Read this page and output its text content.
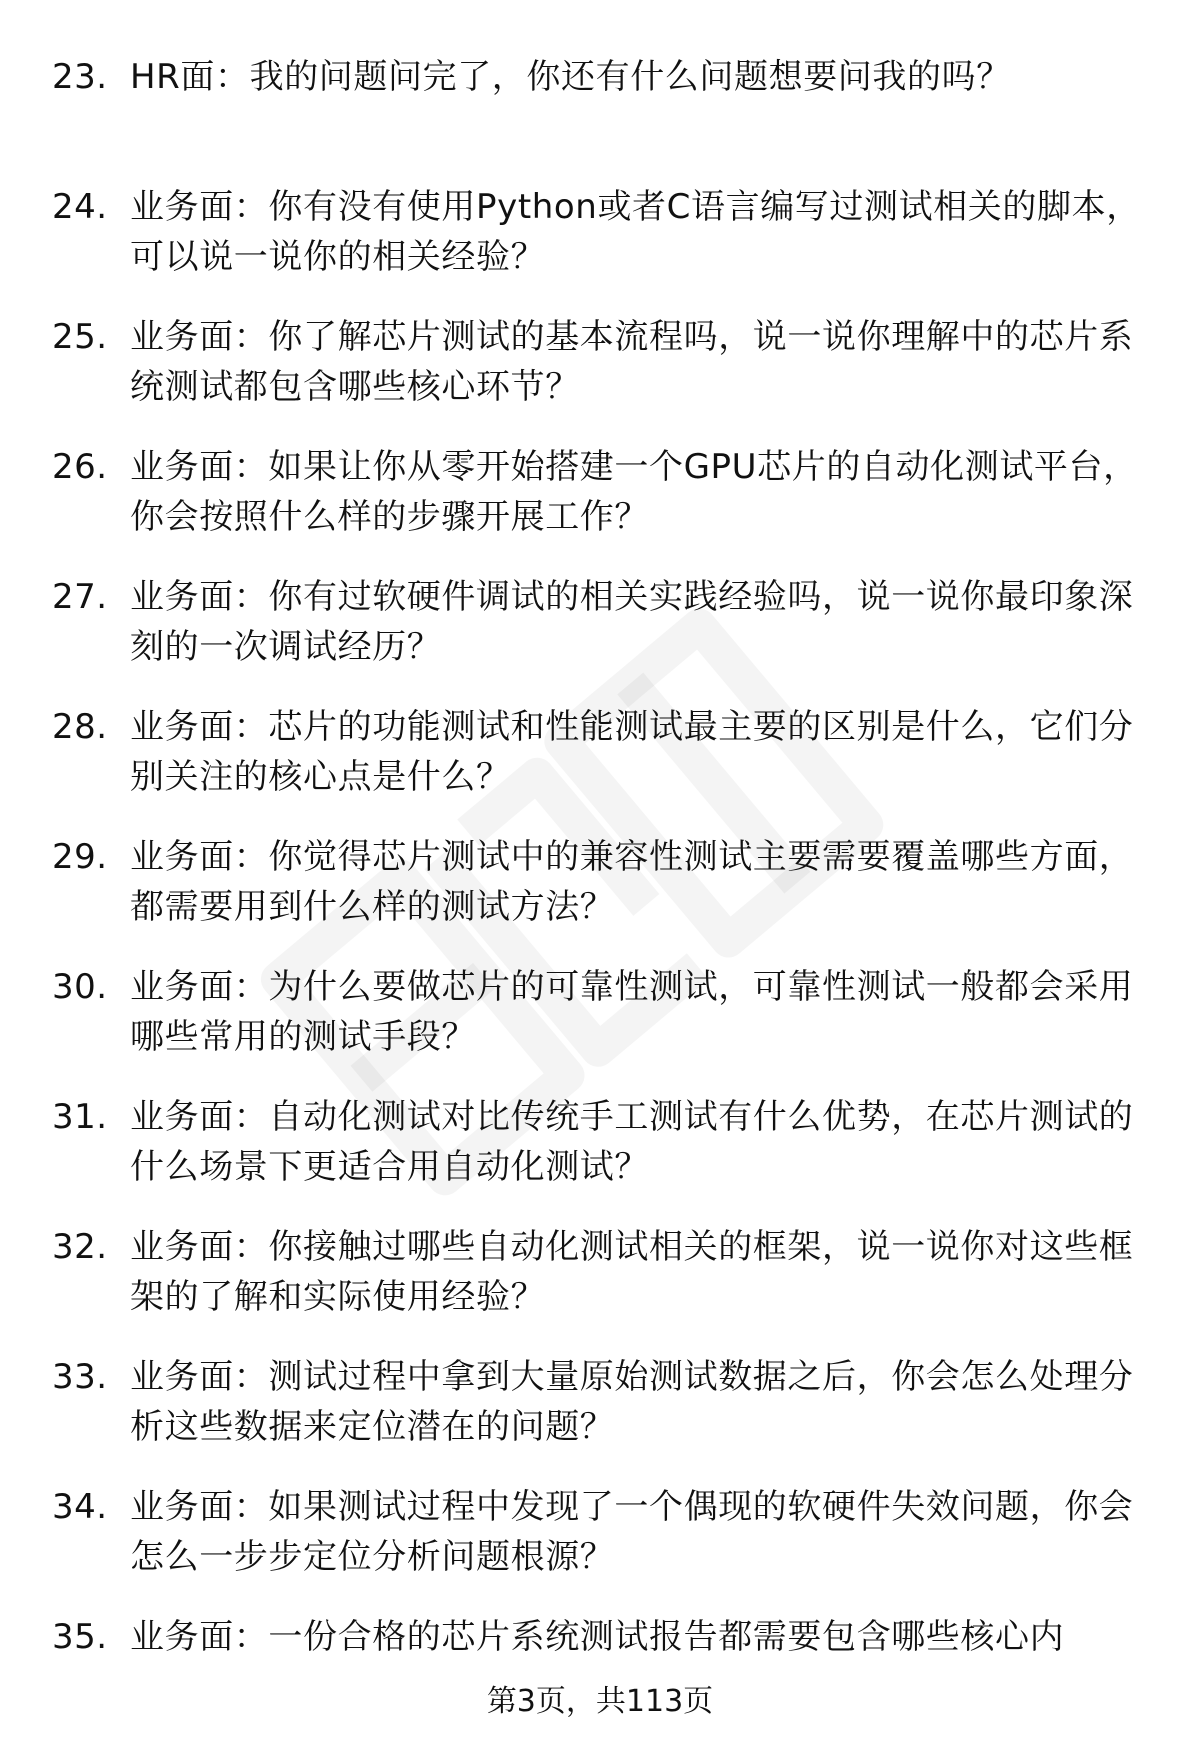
23. HR面：我的问题问完了，你还有什么问题想要问我的吗？
24. 业务面：你有没有使用Python或者C语言编写过测试相关的脚本，可以说一说你的相关经验？
25. 业务面：你了解芯片测试的基本流程吗，说一说你理解中的芯片系统测试都包含哪些核心环节？
26. 业务面：如果让你从零开始搭建一个GPU芯片的自动化测试平台，你会按照什么样的步骤开展工作？
27. 业务面：你有过软硬件调试的相关实践经验吗，说一说你最印象深刻的一次调试经历？
28. 业务面：芯片的功能测试和性能测试最主要的区别是什么，它们分别关注的核心点是什么？
29. 业务面：你觉得芯片测试中的兼容性测试主要需要覆盖哪些方面，都需要用到什么样的测试方法？
30. 业务面：为什么要做芯片的可靠性测试，可靠性测试一般都会采用哪些常用的测试手段？
31. 业务面：自动化测试对比传统手工测试有什么优势，在芯片测试的什么场景下更适合用自动化测试？
32. 业务面：你接触过哪些自动化测试相关的框架，说一说你对这些框架的了解和实际使用经验？
33. 业务面：测试过程中拿到大量原始测试数据之后，你会怎么处理分析这些数据来定位潜在的问题？
34. 业务面：如果测试过程中发现了一个偶现的软硬件失效问题，你会怎么一步步定位分析问题根源？
35. 业务面：一份合格的芯片系统测试报告都需要包含哪些核心内
第3页，共113页
